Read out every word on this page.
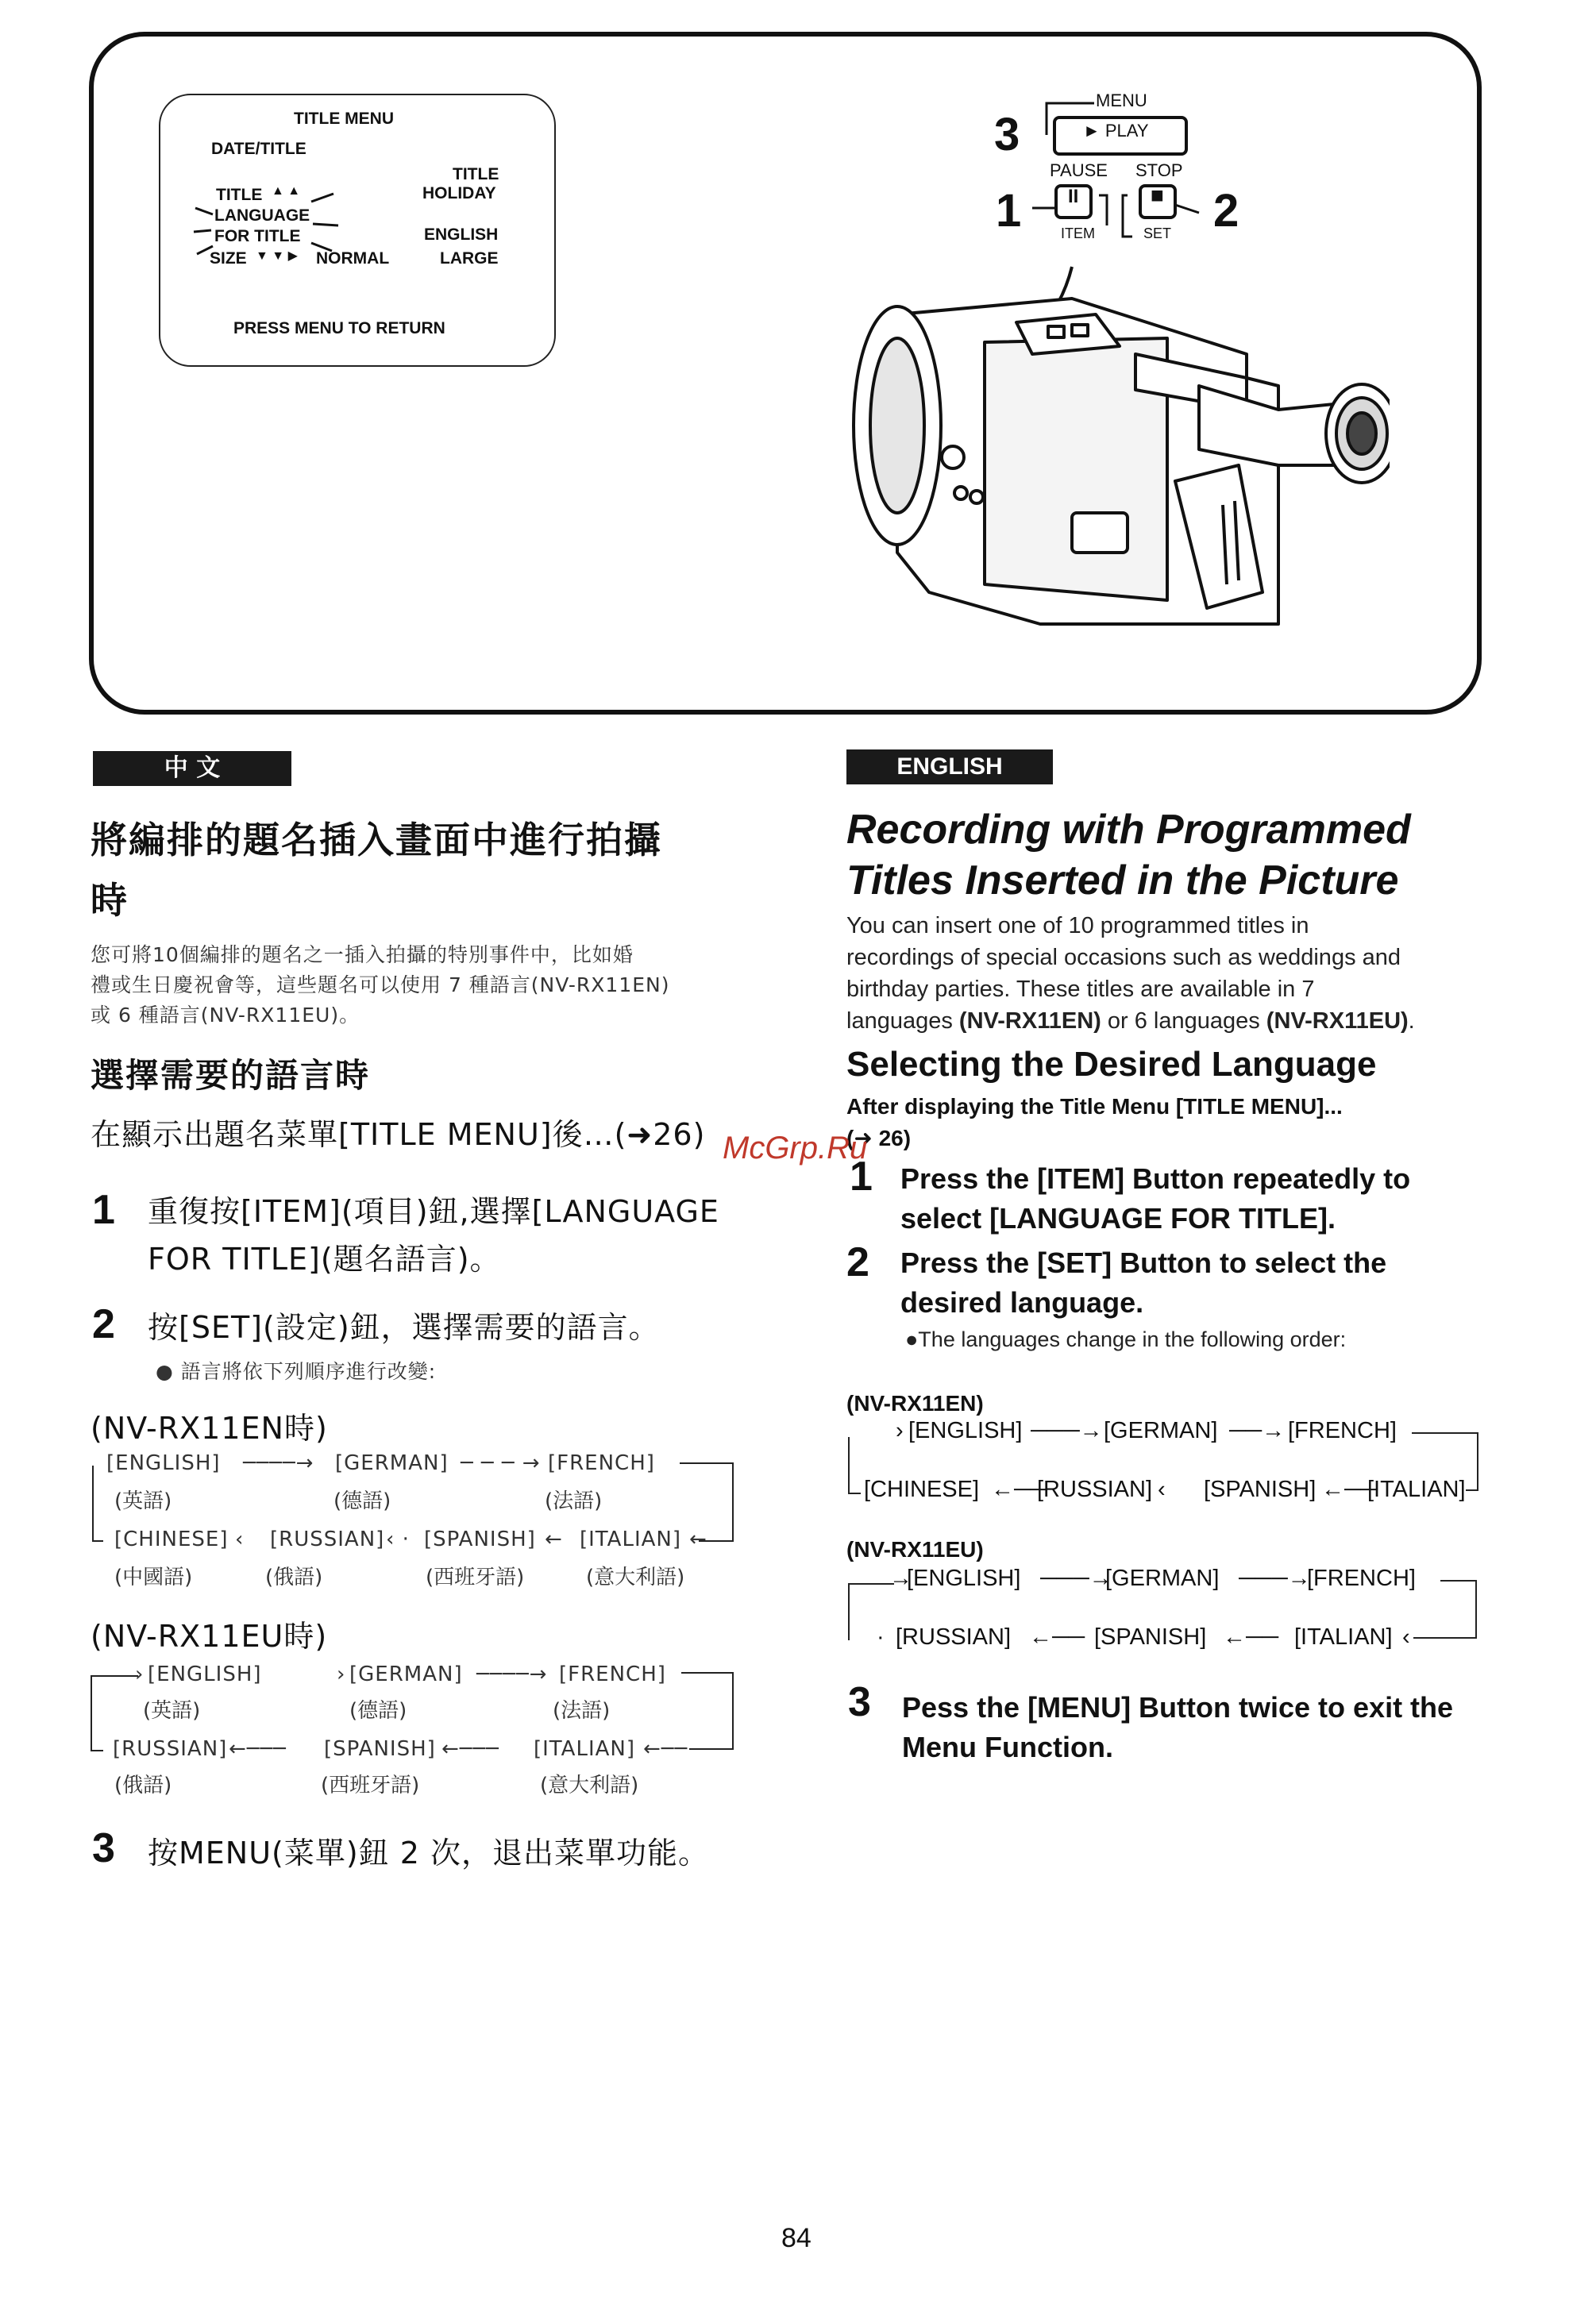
TITLE MENU
DATE/TITLE
TITLE
TITLE ▲ ▲	HOLIDAY
LANGUAGE
FOR TITLE	ENGLISH
SIZE ▼ ▼ ▶ NORMAL	LARGE
PRESS MENU TO RETURN
3
MENU
► PLAY
PAUSE STOP
1	2
II	■
ITEM	SET
中 文
將編排的題名插入畫面中進行拍攝
時
您可將10個編排的題名之一插入拍攝的特別事件中，比如婚
禮或生日慶祝會等，這些題名可以使用 7 種語言(NV-RX11EN)
或 6 種語言(NV-RX11EU)。
選擇需要的語言時
在顯示出題名菜單[TITLE MENU]後…(➜26)
1 重復按[ITEM](項目)鈕,選擇[LANGUAGE
FOR TITLE](題名語言)。
2 按[SET](設定)鈕，選擇需要的語言。
● 語言將依下列順序進行改變:
(NV-RX11EN時)
[ENGLISH] ────→ [GERMAN] ─ ─ ─ → [FRENCH]
(英語)	(德語)	(法語)
[CHINESE] ‹ [RUSSIAN] ‹ · [SPANISH] ← [ITALIAN] ←
(中國語)	(俄語)	(西班牙語)	(意大利語)
(NV-RX11EU時)
› [ENGLISH]	› [GERMAN] ────→ [FRENCH]
(英語)	(德語)	(法語)
[RUSSIAN] ←─── [SPANISH] ←─── [ITALIAN] ←──
(俄語)	(西班牙語)	(意大利語)
3 按MENU(菜單)鈕 2 次，退出菜單功能。
ENGLISH
Recording with Programmed
Titles Inserted in the Picture
You can insert one of 10 programmed titles in
recordings of special occasions such as weddings and
birthday parties. These titles are available in 7
languages (NV-RX11EN) or 6 languages (NV-RX11EU).
Selecting the Desired Language
After displaying the Title Menu [TITLE MENU]...
(➜ 26)
1 Press the [ITEM] Button repeatedly to
select [LANGUAGE FOR TITLE].
2 Press the [SET] Button to select the
desired language.
●The languages change in the following order:
(NV-RX11EN)
› [ENGLISH] ───→ [GERMAN] ──→ [FRENCH]
[CHINESE] ←──
[RUSSIAN] ‹ [SPANISH] ←──
[ITALIAN]
(NV-RX11EU)
→
[ENGLISH] ───→
[GERMAN] ───→
[FRENCH]
· [RUSSIAN] ←── [SPANISH] ←── [ITALIAN] ‹
3 Pess the [MENU] Button twice to exit the
Menu Function.
McGrp.Ru
84
